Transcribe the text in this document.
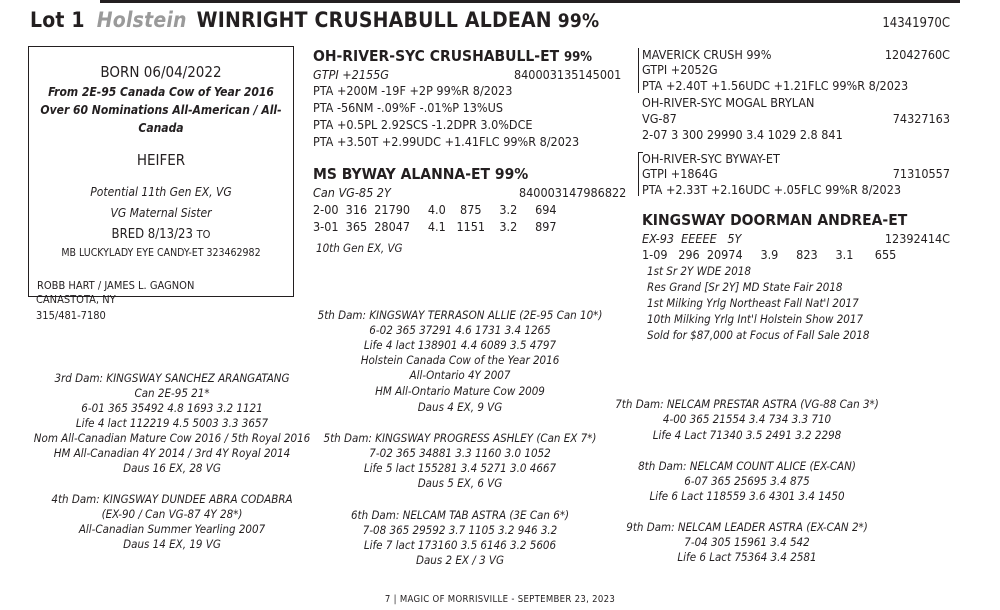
Lot 1 Holstein WINRIGHT CRUSHABULL ALDEAN 99%	14341970C
BORN 06/04/2022
From 2E-95 Canada Cow of Year 2016 Over 60 Nominations All-American / All-Canada
HEIFER
Potential 11th Gen EX, VG
VG Maternal Sister
BRED 8/13/23 TO
MB LUCKYLADY EYE CANDY-ET 323462982
ROBB HART / JAMES L. GAGNON
CANASTOTA, NY
315/481-7180
OH-RIVER-SYC CRUSHABULL-ET 99%
GTPI +2155G	840003135145001
PTA +200M -19F +2P 99%R 8/2023
PTA -56NM -.09%F -.01%P 13%US
PTA +0.5PL 2.92SCS -1.2DPR 3.0%DCE
PTA +3.50T +2.99UDC +1.41FLC 99%R 8/2023
MS BYWAY ALANNA-ET 99%
Can VG-85 2Y	840003147986822
2-00  316  21790     4.0    875     3.2     694
3-01  365  28047     4.1   1151    3.2     897
10th Gen EX, VG
MAVERICK CRUSH 99%	12042760C
GTPI +2052G
PTA +2.40T +1.56UDC +1.21FLC 99%R 8/2023
OH-RIVER-SYC MOGAL BRYLAN
VG-87	74327163
2-07 3 300 29990 3.4 1029 2.8 841
OH-RIVER-SYC BYWAY-ET
GTPI +1864G	71310557
PTA +2.33T +2.16UDC +.05FLC 99%R 8/2023
KINGSWAY DOORMAN ANDREA-ET
EX-93  EEEEE   5Y	12392414C
1-09   296  20974     3.9     823     3.1      655
1st Sr 2Y WDE 2018
Res Grand [Sr 2Y] MD State Fair 2018
1st Milking Yrlg Northeast Fall Nat'l 2017
10th Milking Yrlg Int'l Holstein Show 2017
Sold for $87,000 at Focus of Fall Sale 2018
3rd Dam: KINGSWAY SANCHEZ ARANGATANG
Can 2E-95 21*
6-01 365 35492 4.8 1693 3.2 1121
Life 4 lact 112219 4.5 5003 3.3 3657
Nom All-Canadian Mature Cow 2016 / 5th Royal 2016
HM All-Canadian 4Y 2014 / 3rd 4Y Royal 2014
Daus 16 EX, 28 VG
4th Dam: KINGSWAY DUNDEE ABRA CODABRA
(EX-90 / Can VG-87 4Y 28*)
All-Canadian Summer Yearling 2007
Daus 14 EX, 19 VG
5th Dam: KINGSWAY TERRASON ALLIE (2E-95 Can 10*)
6-02 365 37291 4.6 1731 3.4 1265
Life 4 lact 138901 4.4 6089 3.5 4797
Holstein Canada Cow of the Year 2016
All-Ontario 4Y 2007
HM All-Ontario Mature Cow 2009
Daus 4 EX, 9 VG
5th Dam: KINGSWAY PROGRESS ASHLEY (Can EX 7*)
7-02 365 34881 3.3 1160 3.0 1052
Life 5 lact 155281 3.4 5271 3.0 4667
Daus 5 EX, 6 VG
6th Dam: NELCAM TAB ASTRA (3E Can 6*)
7-08 365 29592 3.7 1105 3.2 946 3.2
Life 7 lact 173160 3.5 6146 3.2 5606
Daus 2 EX / 3 VG
7th Dam: NELCAM PRESTAR ASTRA (VG-88 Can 3*)
4-00 365 21554 3.4 734 3.3 710
Life 4 Lact 71340 3.5 2491 3.2 2298
8th Dam: NELCAM COUNT ALICE (EX-CAN)
6-07 365 25695 3.4 875
Life 6 Lact 118559 3.6 4301 3.4 1450
9th Dam: NELCAM LEADER ASTRA (EX-CAN 2*)
7-04 305 15961 3.4 542
Life 6 Lact 75364 3.4 2581
7 | MAGIC OF MORRISVILLE - SEPTEMBER 23, 2023
